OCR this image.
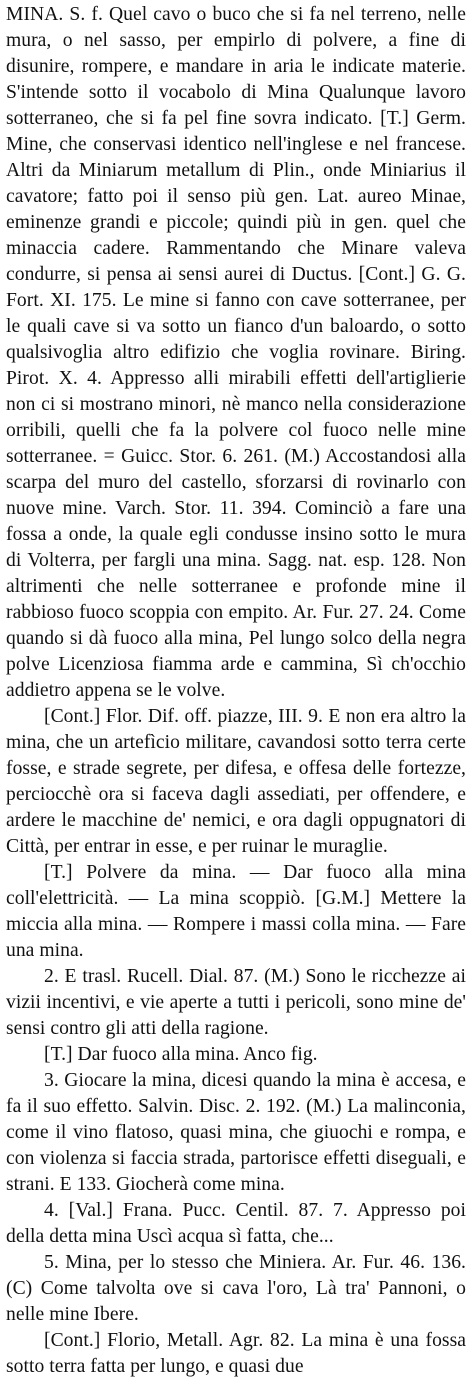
MINA. S. f. Quel cavo o buco che si fa nel terreno, nelle mura, o nel sasso, per empirlo di polvere, a fine di disunire, rompere, e mandare in aria le indicate materie. S'intende sotto il vocabolo di Mina Qualunque lavoro sotterraneo, che si fa pel fine sovra indicato. [T.] Germ. Mine, che conservasi identico nell'inglese e nel francese. Altri da Miniarum metallum di Plin., onde Miniarius il cavatore; fatto poi il senso più gen. Lat. aureo Minae, eminenze grandi e piccole; quindi più in gen. quel che minaccia cadere. Rammentando che Minare valeva condurre, si pensa ai sensi aurei di Ductus. [Cont.] G. G. Fort. XI. 175. Le mine si fanno con cave sotterranee, per le quali cave si va sotto un fianco d'un baloardo, o sotto qualsivoglia altro edifizio che voglia rovinare. Biring. Pirot. X. 4. Appresso alli mirabili effetti dell'artiglierie non ci si mostrano minori, nè manco nella considerazione orribili, quelli che fa la polvere col fuoco nelle mine sotterranee. = Guicc. Stor. 6. 261. (M.) Accostandosi alla scarpa del muro del castello, sforzarsi di rovinarlo con nuove mine. Varch. Stor. 11. 394. Cominciò a fare una fossa a onde, la quale egli condusse insino sotto le mura di Volterra, per fargli una mina. Sagg. nat. esp. 128. Non altrimenti che nelle sotterranee e profonde mine il rabbioso fuoco scoppia con empito. Ar. Fur. 27. 24. Come quando si dà fuoco alla mina, Pel lungo solco della negra polve Licenziosa fiamma arde e cammina, Sì ch'occhio addietro appena se le volve.

[Cont.] Flor. Dif. off. piazze, III. 9. E non era altro la mina, che un artefìcio militare, cavandosi sotto terra certe fosse, e strade segrete, per difesa, e offesa delle fortezze, perciocchè ora si faceva dagli assediati, per offendere, e ardere le macchine de' nemici, e ora dagli oppugnatori di Città, per entrar in esse, e per ruinar le muraglie.

[T.] Polvere da mina. — Dar fuoco alla mina coll'elettricità. — La mina scoppiò. [G.M.] Mettere la miccia alla mina. — Rompere i massi colla mina. — Fare una mina.

2. E trasl. Rucell. Dial. 87. (M.) Sono le ricchezze ai vizii incentivi, e vie aperte a tutti i pericoli, sono mine de' sensi contro gli atti della ragione.

[T.] Dar fuoco alla mina. Anco fig.

3. Giocare la mina, dicesi quando la mina è accesa, e fa il suo effetto. Salvin. Disc. 2. 192. (M.) La malinconia, come il vino flatoso, quasi mina, che giuochi e rompa, e con violenza si faccia strada, partorisce effetti diseguali, e strani. E 133. Giocherà come mina.

4. [Val.] Frana. Pucc. Centil. 87. 7. Appresso poi della detta mina Uscì acqua sì fatta, che...

5. Mina, per lo stesso che Miniera. Ar. Fur. 46. 136. (C) Come talvolta ove si cava l'oro, Là tra' Pannoni, o nelle mine Ibere.

[Cont.] Florio, Metall. Agr. 82. La mina è una fossa sotto terra fatta per lungo, e quasi due
